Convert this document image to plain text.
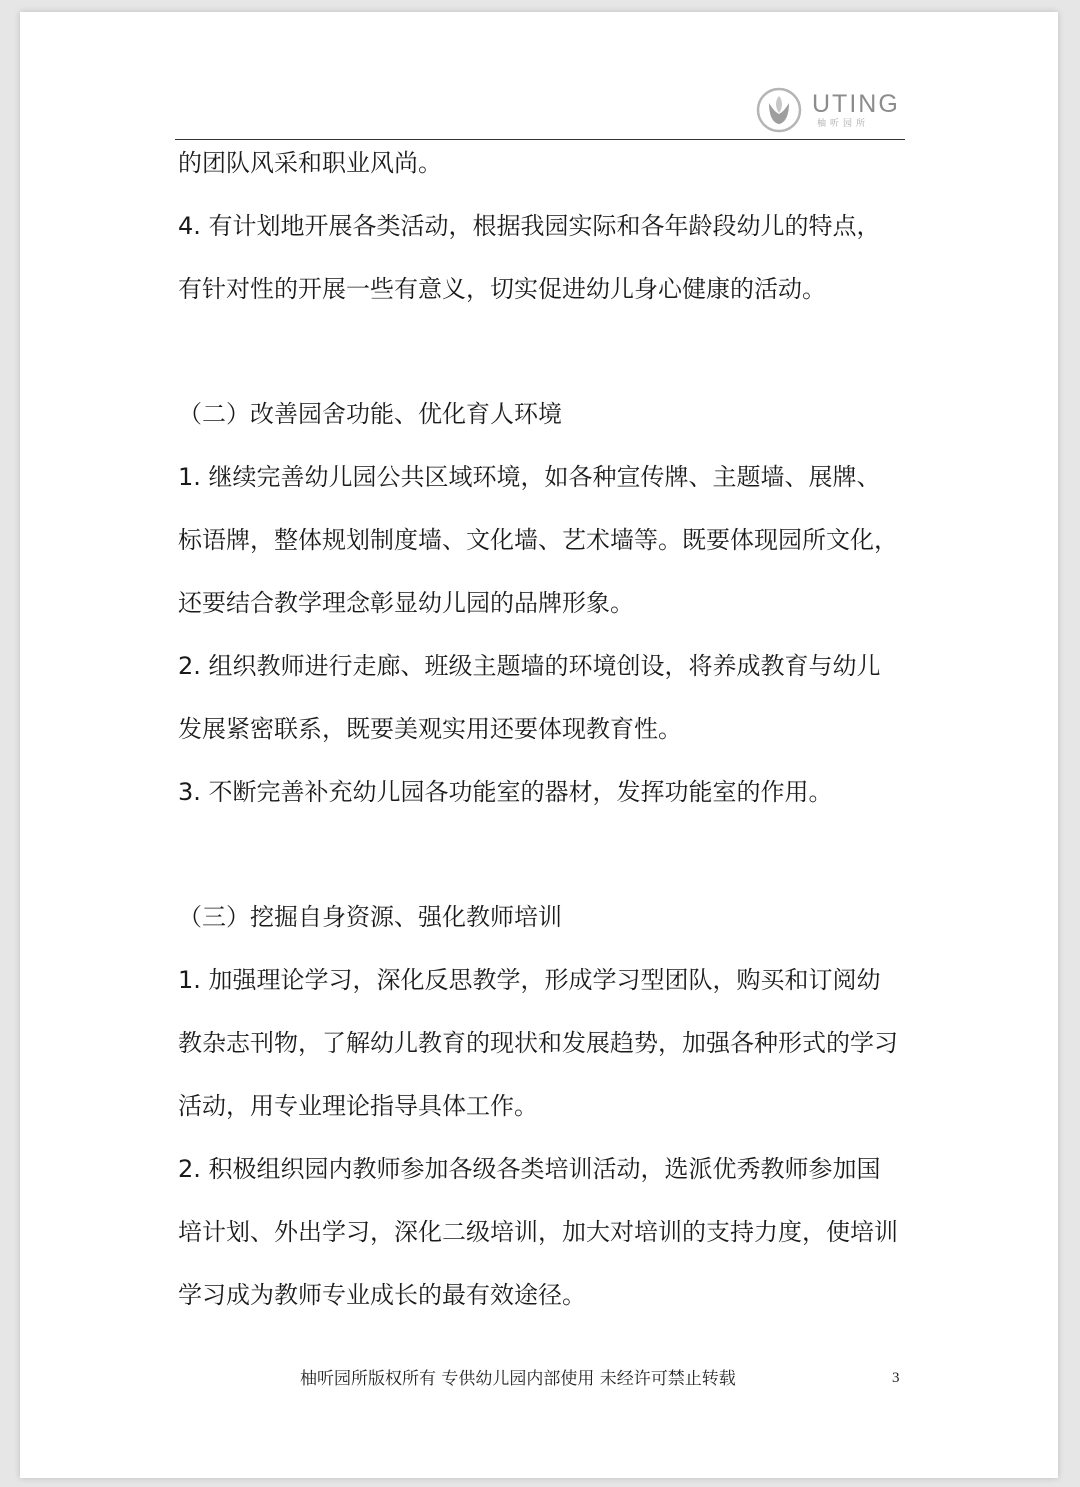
UTING
柚听园所
的团队风采和职业风尚。
4. 有计划地开展各类活动，根据我园实际和各年龄段幼儿的特点，
有针对性的开展一些有意义，切实促进幼儿身心健康的活动。
（二）改善园舍功能、优化育人环境
1. 继续完善幼儿园公共区域环境，如各种宣传牌、主题墙、展牌、
标语牌，整体规划制度墙、文化墙、艺术墙等。既要体现园所文化，
还要结合教学理念彰显幼儿园的品牌形象。
2. 组织教师进行走廊、班级主题墙的环境创设，将养成教育与幼儿
发展紧密联系，既要美观实用还要体现教育性。
3. 不断完善补充幼儿园各功能室的器材，发挥功能室的作用。
（三）挖掘自身资源、强化教师培训
1. 加强理论学习，深化反思教学，形成学习型团队，购买和订阅幼
教杂志刊物，了解幼儿教育的现状和发展趋势，加强各种形式的学习
活动，用专业理论指导具体工作。
2. 积极组织园内教师参加各级各类培训活动，选派优秀教师参加国
培计划、外出学习，深化二级培训，加大对培训的支持力度，使培训
学习成为教师专业成长的最有效途径。
柚听园所版权所有 专供幼儿园内部使用 未经许可禁止转载	3
